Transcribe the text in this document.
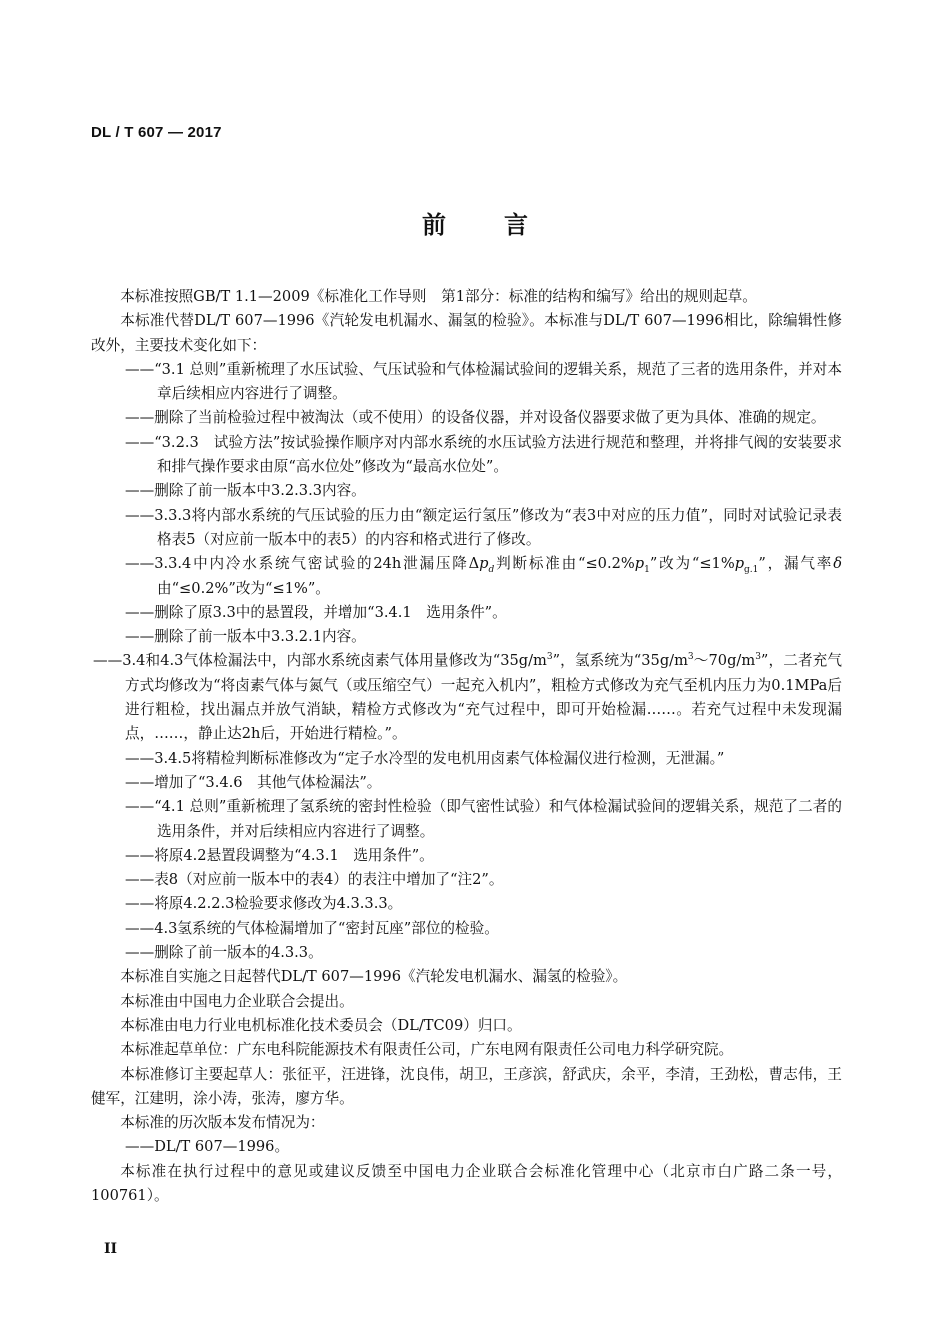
DL / T 607 — 2017
前言

本标准按照GB/T 1.1—2009《标准化工作导则　第1部分：标准的结构和编写》给出的规则起草。

本标准代替DL/T 607—1996《汽轮发电机漏水、漏氢的检验》。本标准与DL/T 607—1996相比，除编辑性修改外，主要技术变化如下：

——“3.1 总则”重新梳理了水压试验、气压试验和气体检漏试验间的逻辑关系，规范了三者的选用条件，并对本章后续相应内容进行了调整。

——删除了当前检验过程中被淘汰（或不使用）的设备仪器，并对设备仪器要求做了更为具体、准确的规定。

——“3.2.3　试验方法”按试验操作顺序对内部水系统的水压试验方法进行规范和整理，并将排气阀的安装要求和排气操作要求由原“高水位处”修改为“最高水位处”。

——删除了前一版本中3.2.3.3内容。

——3.3.3将内部水系统的气压试验的压力由“额定运行氢压”修改为“表3中对应的压力值”，同时对试验记录表格表5（对应前一版本中的表5）的内容和格式进行了修改。

——3.3.4中内冷水系统气密试验的24h泄漏压降$\Delta p_d$判断标准由“$\le 0.2\%p_1$”改为“$\le 1\%p_{g.1}$”，漏气率δ由“≤0.2%”改为“≤1%”。

——删除了原3.3中的悬置段，并增加“3.4.1　选用条件”。

——删除了前一版本中3.3.2.1内容。

——3.4和4.3气体检漏法中，内部水系统卤素气体用量修改为“$35g/m^3$”，氢系统为“$35g/m^3\sim 70g/m^3$”，二者充气方式均修改为“将卤素气体与氮气（或压缩空气）一起充入机内”，粗检方式修改为充气至机内压力为0.1MPa后进行粗检，找出漏点并放气消缺，精检方式修改为“充气过程中，即可开始检漏……。若充气过程中未发现漏点，……，静止达2h后，开始进行精检。”。

——3.4.5将精检判断标准修改为“定子水冷型的发电机用卤素气体检漏仪进行检测，无泄漏。”

——增加了“3.4.6　其他气体检漏法”。

——“4.1 总则”重新梳理了氢系统的密封性检验（即气密性试验）和气体检漏试验间的逻辑关系，规范了二者的选用条件，并对后续相应内容进行了调整。

——将原4.2悬置段调整为“4.3.1　选用条件”。

——表8（对应前一版本中的表4）的表注中增加了“注2”。

——将原4.2.2.3检验要求修改为4.3.3.3。

——4.3氢系统的气体检漏增加了“密封瓦座”部位的检验。

——删除了前一版本的4.3.3。

本标准自实施之日起替代DL/T 607—1996《汽轮发电机漏水、漏氢的检验》。

本标准由中国电力企业联合会提出。

本标准由电力行业电机标准化技术委员会（DL/TC09）归口。

本标准起草单位：广东电科院能源技术有限责任公司，广东电网有限责任公司电力科学研究院。

本标准修订主要起草人：张征平，汪进锋，沈良伟，胡卫，王彦滨，舒武庆，余平，李清，王劲松，曹志伟，王健军，江建明，涂小涛，张涛，廖方华。

本标准的历次版本发布情况为：

——DL/T 607—1996。

本标准在执行过程中的意见或建议反馈至中国电力企业联合会标准化管理中心（北京市白广路二条一号，100761）。

II
